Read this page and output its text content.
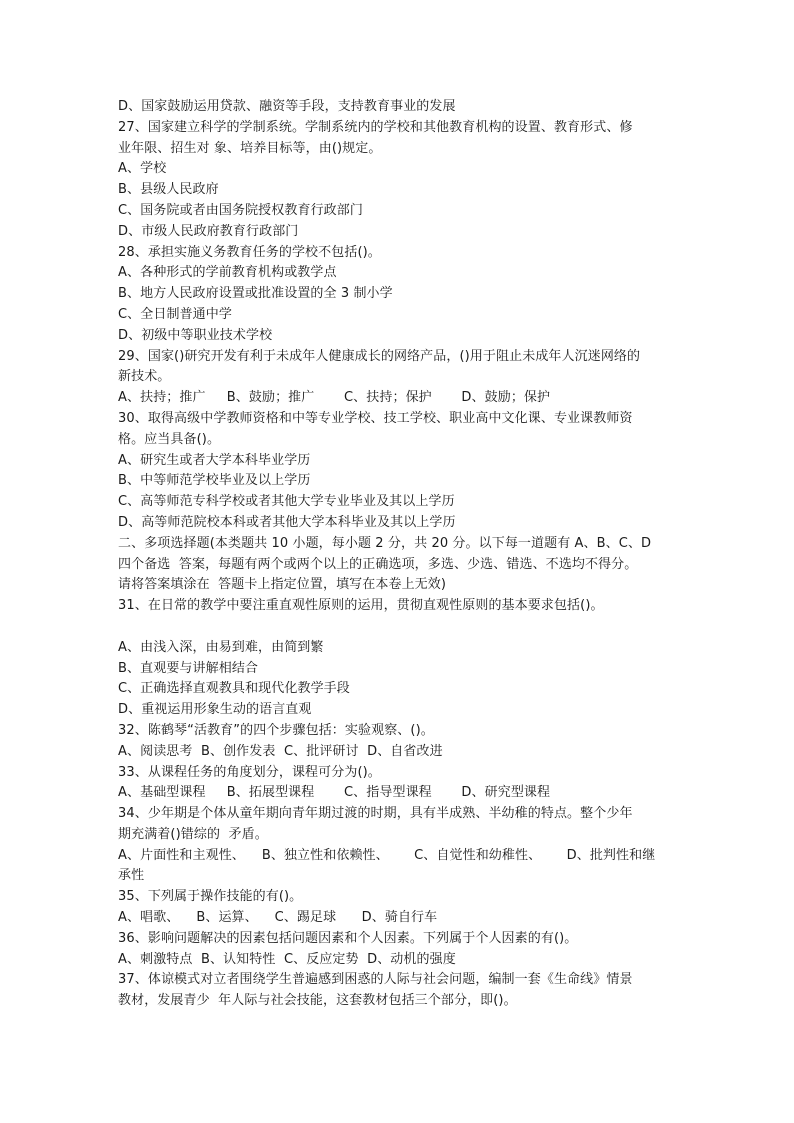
D、国家鼓励运用贷款、融资等手段，支持教育事业的发展
27、国家建立科学的学制系统。学制系统内的学校和其他教育机构的设置、教育形式、修
业年限、招生对 象、培养目标等，由()规定。
A、学校
B、县级人民政府
C、国务院或者由国务院授权教育行政部门
D、市级人民政府教育行政部门
28、承担实施义务教育任务的学校不包括()。
A、各种形式的学前教育机构或教学点
B、地方人民政府设置或批准设置的全 3 制小学
C、全日制普通中学
D、初级中等职业技术学校
29、国家()研究开发有利于未成年人健康成长的网络产品，()用于阻止未成年人沉迷网络的
新技术。
A、扶持；推广     B、鼓励；推广       C、扶持；保护       D、鼓励；保护
30、取得高级中学教师资格和中等专业学校、技工学校、职业高中文化课、专业课教师资
格。应当具备()。
A、研究生或者大学本科毕业学历
B、中等师范学校毕业及以上学历
C、高等师范专科学校或者其他大学专业毕业及其以上学历
D、高等师范院校本科或者其他大学本科毕业及其以上学历
二、多项选择题(本类题共 10 小题，每小题 2 分，共 20 分。以下每一道题有 A、B、C、D
四个备选  答案，每题有两个或两个以上的正确选项，多选、少选、错选、不选均不得分。
请将答案填涂在  答题卡上指定位置，填写在本卷上无效)
31、在日常的教学中要注重直观性原则的运用，贯彻直观性原则的基本要求包括()。
A、由浅入深，由易到难，由简到繁
B、直观要与讲解相结合
C、正确选择直观教具和现代化教学手段
D、重视运用形象生动的语言直观
32、陈鹤琴“活教育”的四个步骤包括：实验观察、()。
A、阅读思考  B、创作发表  C、批评研讨  D、自省改进
33、从课程任务的角度划分，课程可分为()。
A、基础型课程     B、拓展型课程       C、指导型课程       D、研究型课程
34、少年期是个体从童年期向青年期过渡的时期，具有半成熟、半幼稚的特点。整个少年
期充满着()错综的  矛盾。
A、片面性和主观性、    B、独立性和依赖性、      C、自觉性和幼稚性、      D、批判性和继
承性
35、下列属于操作技能的有()。
A、唱歌、    B、运算、    C、踢足球      D、骑自行车
36、影响问题解决的因素包括问题因素和个人因素。下列属于个人因素的有()。
A、刺激特点  B、认知特性  C、反应定势  D、动机的强度
37、体谅模式对立者围绕学生普遍感到困惑的人际与社会问题，编制一套《生命线》情景
教材，发展青少  年人际与社会技能，这套教材包括三个部分，即()。
